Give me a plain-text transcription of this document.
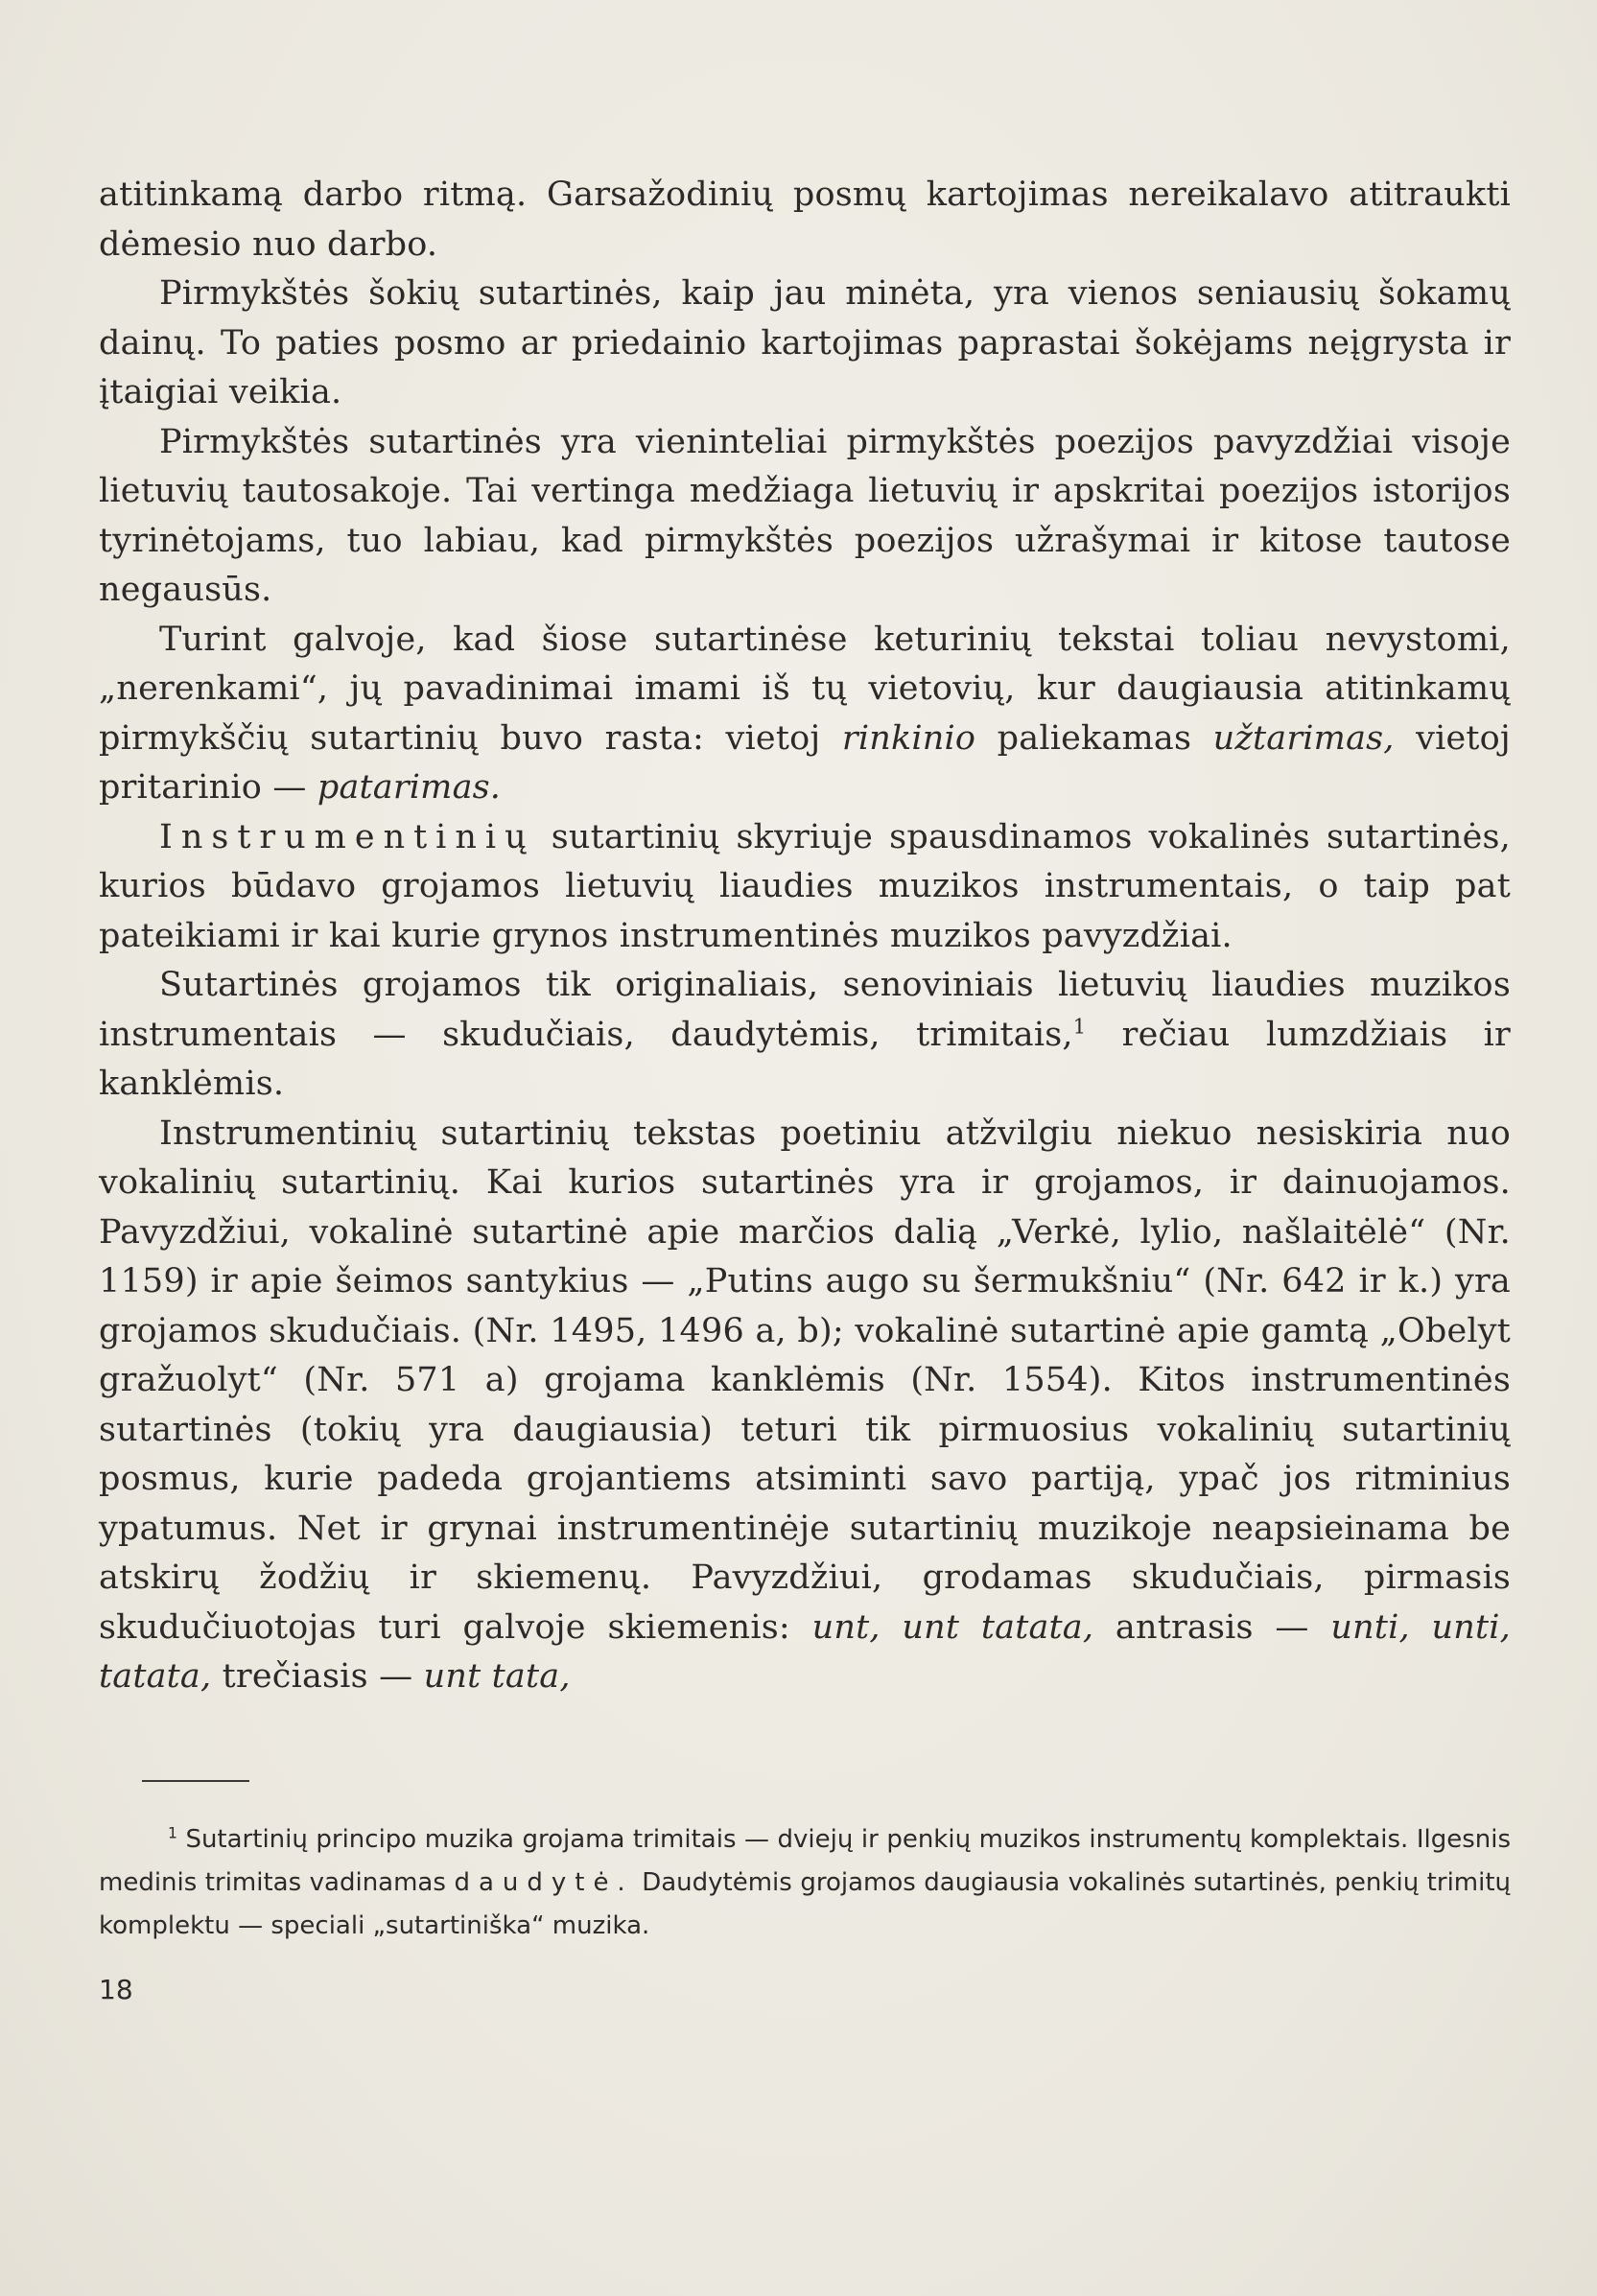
atitinkamą darbo ritmą. Garsažodinių posmų kartojimas nereikalavo atitraukti dėmesio nuo darbo.

Pirmykštės šokių sutartinės, kaip jau minėta, yra vienos seniausių šokamų dainų. To paties posmo ar priedainio kartojimas paprastai šokėjams neįgrysta ir įtaigiai veikia.

Pirmykštės sutartinės yra vieninteliai pirmykštės poezijos pavyzdžiai visoje lietuvių tautosakoje. Tai vertinga medžiaga lietuvių ir apskritai poezijos istorijos tyrinėtojams, tuo labiau, kad pirmykštės poezijos užrašymai ir kitose tautose negausūs.

Turint galvoje, kad šiose sutartinėse keturinių tekstai toliau nevystomi, „nerenkami“, jų pavadinimai imami iš tų vietovių, kur daugiausia atitinkamų pirmykščių sutartinių buvo rasta: vietoj rinkinio paliekamas užtarimas, vietoj pritarinio — patarimas.

Instrumentinių sutartinių skyriuje spausdinamos vokalinės sutartinės, kurios būdavo grojamos lietuvių liaudies muzikos instrumentais, o taip pat pateikiami ir kai kurie grynos instrumentinės muzikos pavyzdžiai.

Sutartinės grojamos tik originaliais, senoviniais lietuvių liaudies muzikos instrumentais — skudučiais, daudytėmis, trimitais,$^1$ rečiau lumzdžiais ir kanklėmis.

Instrumentinių sutartinių tekstas poetiniu atžvilgiu niekuo nesiskiria nuo vokalinių sutartinių. Kai kurios sutartinės yra ir grojamos, ir dainuojamos. Pavyzdžiui, vokalinė sutartinė apie marčios dalią „Verkė, lylio, našlaitėlė“ (Nr. 1159) ir apie šeimos santykius — „Putins augo su šermukšniu“ (Nr. 642 ir k.) yra grojamos skudučiais. (Nr. 1495, 1496 a, b); vokalinė sutartinė apie gamtą „Obelyt gražuolyt“ (Nr. 571 a) grojama kanklėmis (Nr. 1554). Kitos instrumentinės sutartinės (tokių yra daugiausia) teturi tik pirmuosius vokalinių sutartinių posmus, kurie padeda grojantiems atsiminti savo partiją, ypač jos ritminius ypatumus. Net ir grynai instrumentinėje sutartinių muzikoje neapsieinama be atskirų žodžių ir skiemenų. Pavyzdžiui, grodamas skudučiais, pirmasis skudučiuotojas turi galvoje skiemenis: unt, unt tatata, antrasis — unti, unti, tatata, trečiasis — unt tata,

$^1$ Sutartinių principo muzika grojama trimitais — dviejų ir penkių muzikos instrumentų komplektais. Ilgesnis medinis trimitas vadinamas daudytė. Daudytėmis grojamos daugiausia vokalinės sutartinės, penkių trimitų komplektu — speciali „sutartiniška“ muzika.

18
